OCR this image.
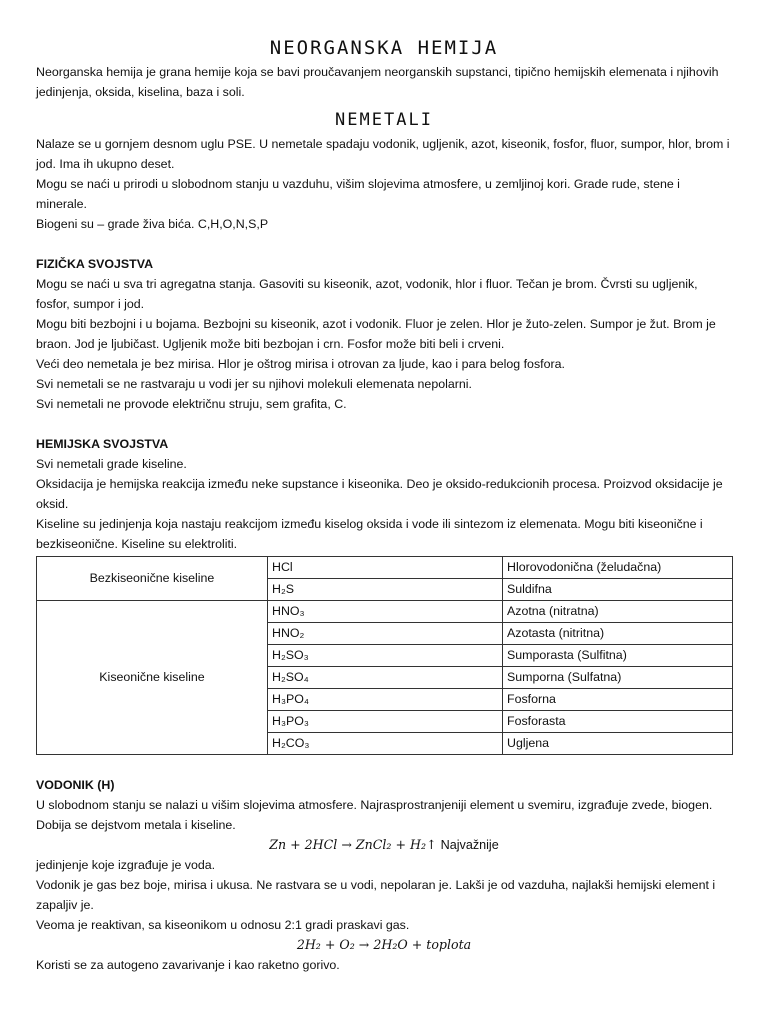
NEORGANSKA HEMIJA

Neorganska hemija je grana hemije koja se bavi proučavanjem neorganskih supstanci, tipično hemijskih elemenata i njihovih jedinjenja, oksida, kiselina, baza i soli.

NEMETALI

Nalaze se u gornjem desnom uglu PSE. U nemetale spadaju vodonik, ugljenik, azot, kiseonik, fosfor, fluor, sumpor, hlor, brom i jod. Ima ih ukupno deset.

Mogu se naći u prirodi u slobodnom stanju u vazduhu, višim slojevima atmosfere, u zemljinoj kori. Grade rude, stene i minerale.

Biogeni su – grade živa bića. C,H,O,N,S,P

FIZIČKA SVOJSTVA

Mogu se naći u sva tri agregatna stanja. Gasoviti su kiseonik, azot, vodonik, hlor i fluor. Tečan je brom. Čvrsti su ugljenik, fosfor, sumpor i jod.

Mogu biti bezbojni i u bojama. Bezbojni su kiseonik, azot i vodonik. Fluor je zelen. Hlor je žuto-zelen. Sumpor je žut. Brom je braon. Jod je ljubičast. Ugljenik može biti bezbojan i crn. Fosfor može biti beli i crveni.

Veći deo nemetala je bez mirisa. Hlor je oštrog mirisa i otrovan za ljude, kao i para belog fosfora.

Svi nemetali se ne rastvaraju u vodi jer su njihovi molekuli elemenata nepolarni.

Svi nemetali ne provode električnu struju, sem grafita, C.

HEMIJSKA SVOJSTVA

Svi nemetali grade kiseline.

Oksidacija je hemijska reakcija između neke supstance i kiseonika. Deo je oksido-redukcionih procesa. Proizvod oksidacije je oksid.

Kiseline su jedinjenja koja nastaju reakcijom između kiselog oksida i vode ili sintezom iz elemenata. Mogu biti kiseonične i bezkiseonične. Kiseline su elektroliti.

Bezkiseonične kiseline	HCl	Hlorovodonična (želudačna)
	H₂S	Suldifna
Kiseonične kiseline	HNO₃	Azotna (nitratna)
	HNO₂	Azotasta (nitritna)
	H₂SO₃	Sumporasta (Sulfitna)
	H₂SO₄	Sumporna (Sulfatna)
	H₃PO₄	Fosforna
	H₃PO₃	Fosforasta
	H₂CO₃	Ugljena

VODONIK (H)

U slobodnom stanju se nalazi u višim slojevima atmosfere. Najrasprostranjeniji element u svemiru, izgrađuje zvede, biogen.

Dobija se dejstvom metala i kiseline.

Zn + 2HCl → ZnCl₂ + H₂↑ Najvažnije

jedinjenje koje izgrađuje je voda.

Vodonik je gas bez boje, mirisa i ukusa. Ne rastvara se u vodi, nepolaran je. Lakši je od vazduha, najlakši hemijski element i zapaljiv je.

Veoma je reaktivan, sa kiseonikom u odnosu 2:1 gradi praskavi gas.

2H₂ + O₂ → 2H₂O + toplota

Koristi se za autogeno zavarivanje i kao raketno gorivo.
